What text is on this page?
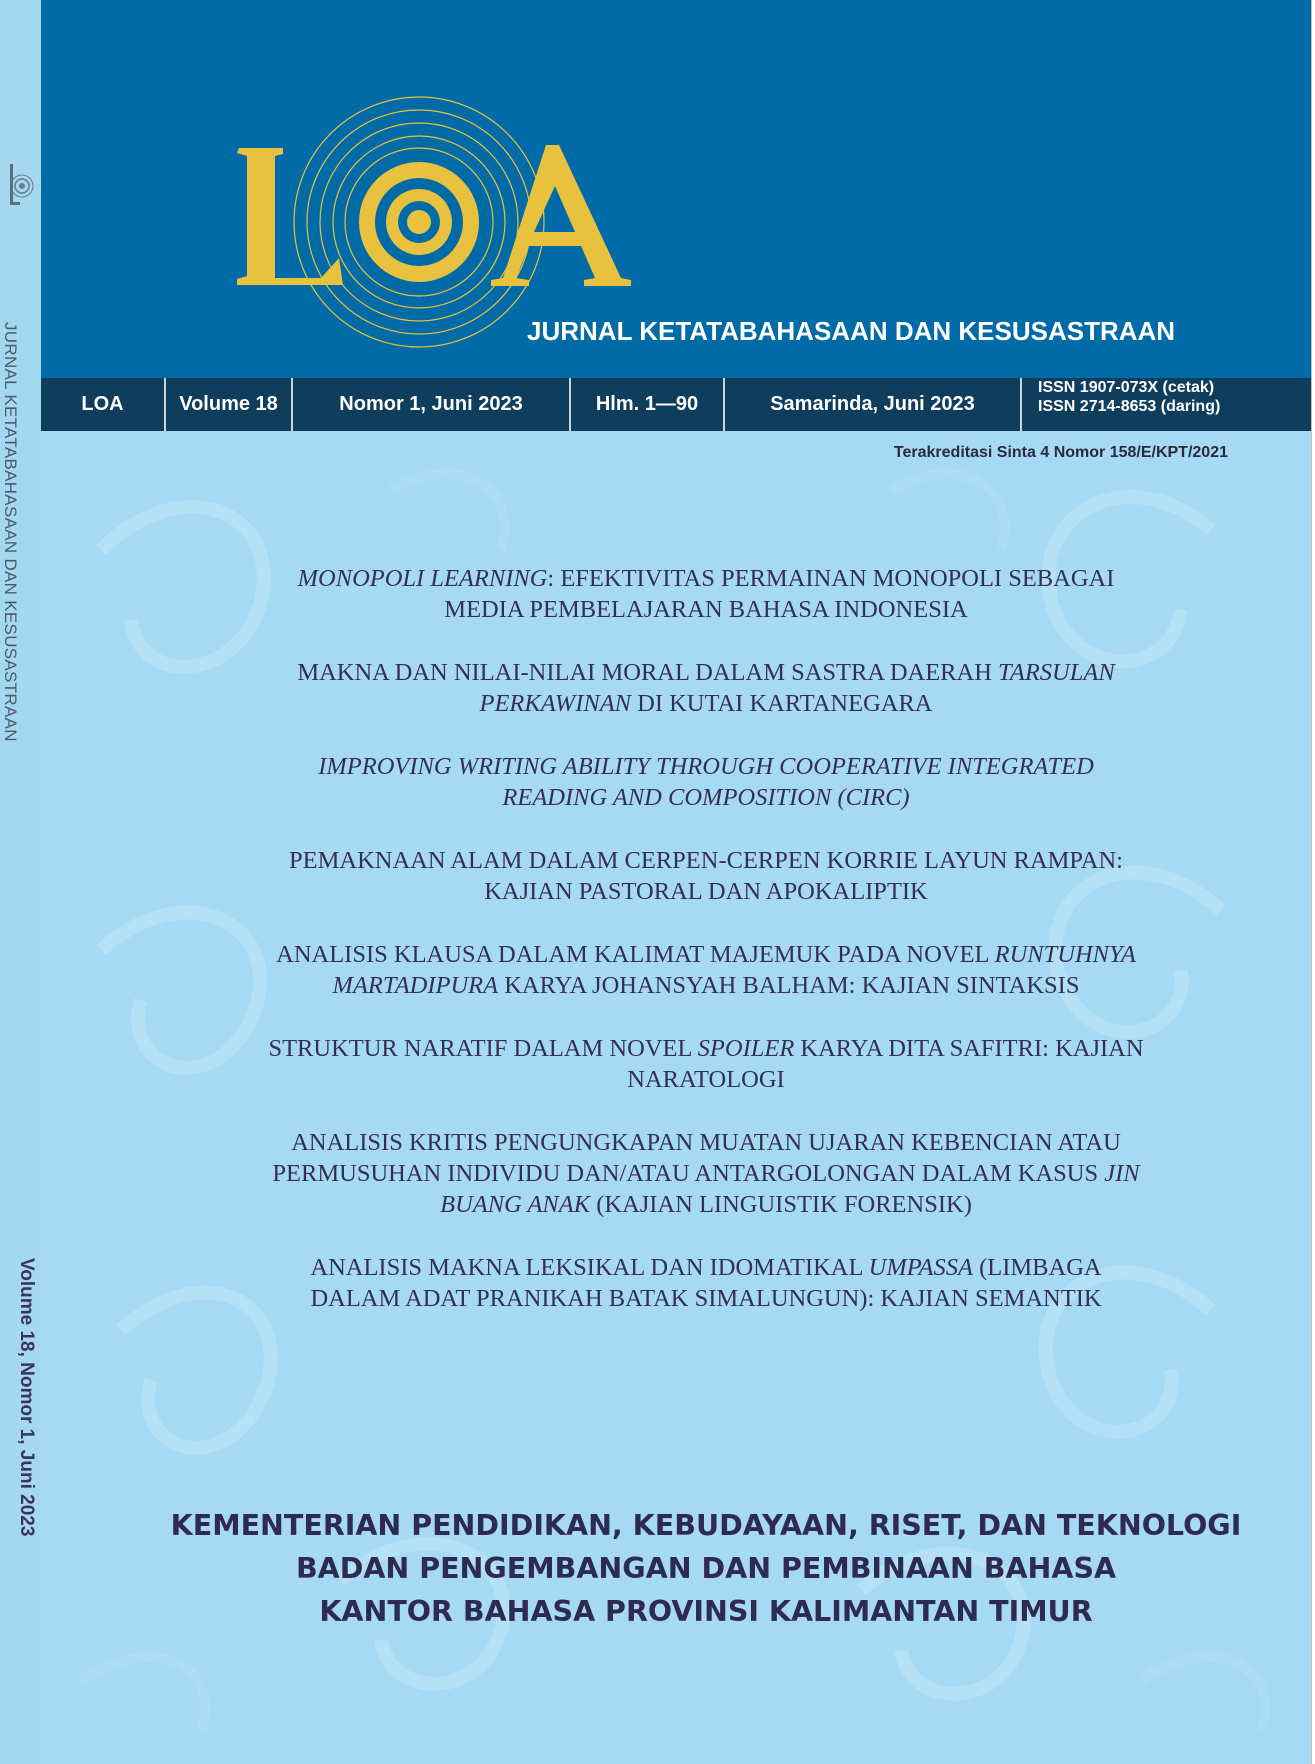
JURNAL KETATABAHASAAN DAN KESUSASTRAAN
Volume 18, Nomor 1, Juni 2023
JURNAL KETATABAHASAAN DAN KESUSASTRAAN
LOA	Volume 18	Nomor 1, Juni 2023	Hlm. 1—90	Samarinda, Juni 2023
ISSN 1907-073X (cetak)
ISSN 2714-8653 (daring)
Terakreditasi Sinta 4 Nomor 158/E/KPT/2021
MONOPOLI LEARNING: EFEKTIVITAS PERMAINAN MONOPOLI SEBAGAI
MEDIA PEMBELAJARAN BAHASA INDONESIA
MAKNA DAN NILAI-NILAI MORAL DALAM SASTRA DAERAH TARSULAN
PERKAWINAN DI KUTAI KARTANEGARA
IMPROVING WRITING ABILITY THROUGH COOPERATIVE INTEGRATED
READING AND COMPOSITION (CIRC)
PEMAKNAAN ALAM DALAM CERPEN-CERPEN KORRIE LAYUN RAMPAN:
KAJIAN PASTORAL DAN APOKALIPTIK
ANALISIS KLAUSA DALAM KALIMAT MAJEMUK PADA NOVEL RUNTUHNYA
MARTADIPURA KARYA JOHANSYAH BALHAM: KAJIAN SINTAKSIS
STRUKTUR NARATIF DALAM NOVEL SPOILER KARYA DITA SAFITRI: KAJIAN
NARATOLOGI
ANALISIS KRITIS PENGUNGKAPAN MUATAN UJARAN KEBENCIAN ATAU
PERMUSUHAN INDIVIDU DAN/ATAU ANTARGOLONGAN DALAM KASUS JIN
BUANG ANAK (KAJIAN LINGUISTIK FORENSIK)
ANALISIS MAKNA LEKSIKAL DAN IDOMATIKAL UMPASSA (LIMBAGA
DALAM ADAT PRANIKAH BATAK SIMALUNGUN): KAJIAN SEMANTIK
KEMENTERIAN PENDIDIKAN, KEBUDAYAAN, RISET, DAN TEKNOLOGI
BADAN PENGEMBANGAN DAN PEMBINAAN BAHASA
KANTOR BAHASA PROVINSI KALIMANTAN TIMUR
